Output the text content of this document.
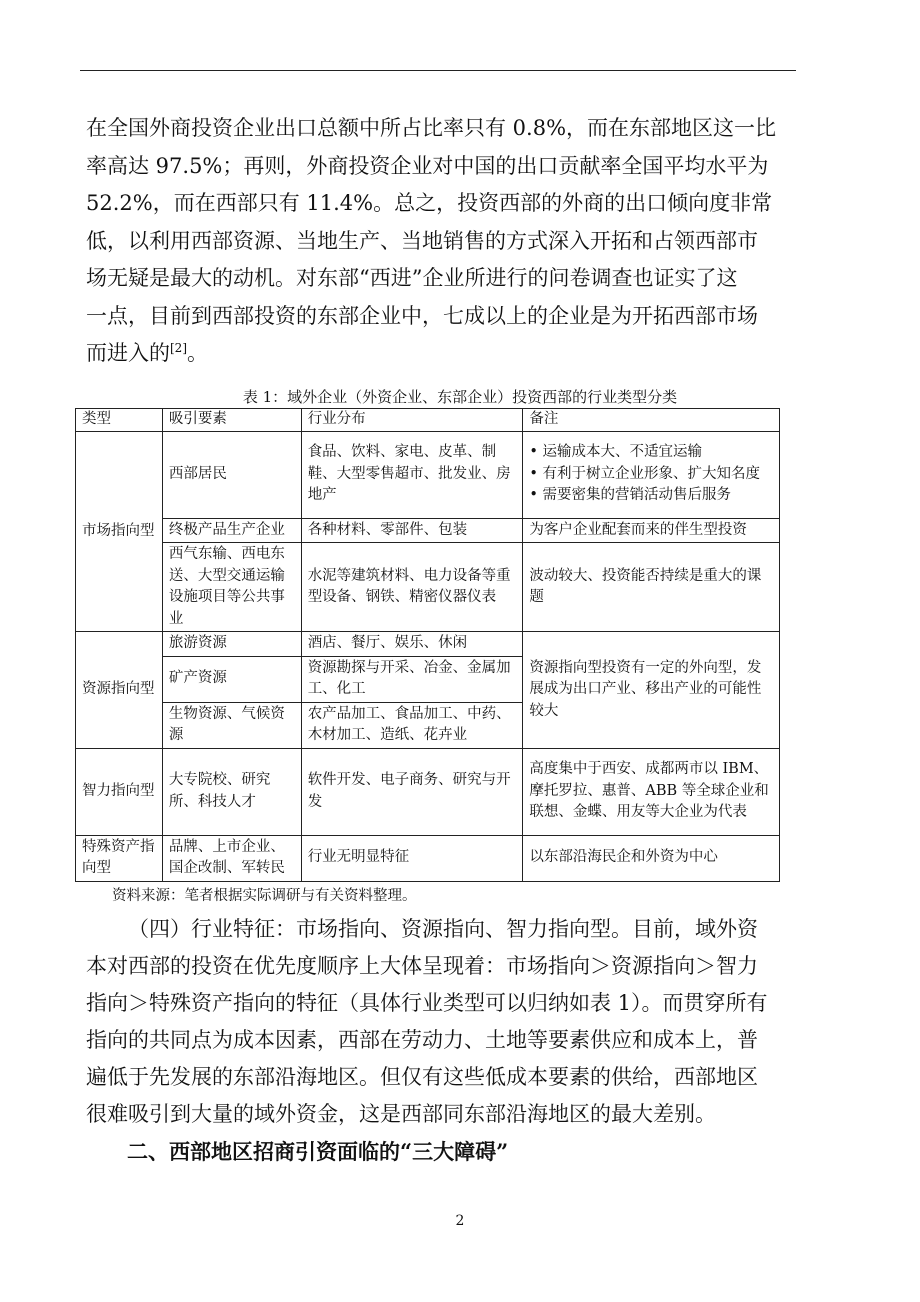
在全国外商投资企业出口总额中所占比率只有 0.8%，而在东部地区这一比
率高达 97.5%；再则，外商投资企业对中国的出口贡献率全国平均水平为
52.2%，而在西部只有 11.4%。总之，投资西部的外商的出口倾向度非常
低，以利用西部资源、当地生产、当地销售的方式深入开拓和占领西部市
场无疑是最大的动机。对东部“西进”企业所进行的问卷调查也证实了这
一点，目前到西部投资的东部企业中，七成以上的企业是为开拓西部市场
而进入的[2]。
表 1：域外企业（外资企业、东部企业）投资西部的行业类型分类
类型	吸引要素	行业分布	备注
市场指向型	西部居民	食品、饮料、家电、皮革、制鞋、大型零售超市、批发业、房地产	• 运输成本大、不适宜运输
• 有利于树立企业形象、扩大知名度
• 需要密集的营销活动售后服务

	终极产品生产企业	各种材料、零部件、包装	为客户企业配套而来的伴生型投资
	西气东输、西电东送、大型交通运输设施项目等公共事业	水泥等建筑材料、电力设备等重型设备、钢铁、精密仪器仪表	波动较大、投资能否持续是重大的课题
资源指向型	旅游资源	酒店、餐厅、娱乐、休闲	资源指向型投资有一定的外向型，发展成为出口产业、移出产业的可能性较大
	矿产资源	资源勘探与开采、冶金、金属加工、化工	
	生物资源、气候资源	农产品加工、食品加工、中药、木材加工、造纸、花卉业	
智力指向型	大专院校、研究所、科技人才	软件开发、电子商务、研究与开发	高度集中于西安、成都两市以 IBM、摩托罗拉、惠普、ABB 等全球企业和联想、金蝶、用友等大企业为代表
特殊资产指向型	品牌、上市企业、国企改制、军转民	行业无明显特征	以东部沿海民企和外资为中心
资料来源：笔者根据实际调研与有关资料整理。
（四）行业特征：市场指向、资源指向、智力指向型。目前，域外资
本对西部的投资在优先度顺序上大体呈现着：市场指向＞资源指向＞智力
指向＞特殊资产指向的特征（具体行业类型可以归纳如表 1）。而贯穿所有
指向的共同点为成本因素，西部在劳动力、土地等要素供应和成本上，普
遍低于先发展的东部沿海地区。但仅有这些低成本要素的供给，西部地区
很难吸引到大量的域外资金，这是西部同东部沿海地区的最大差别。
二、西部地区招商引资面临的“三大障碍”
2
